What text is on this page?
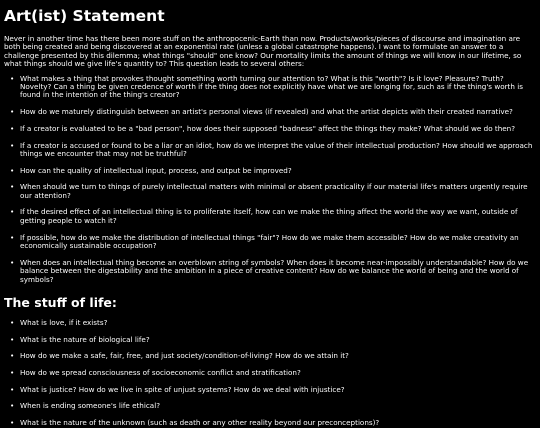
Art(ist) Statement

Never in another time has there been more stuff on the anthropocenic-Earth than now. Products/works/pieces of discourse and imagination are both being created and being discovered at an exponential rate (unless a global catastrophe happens). I want to formulate an answer to a challenge presented by this dilemma; what things "should" one know? Our mortality limits the amount of things we will know in our lifetime, so what things should we give life's quantity to? This question leads to several others:

• What makes a thing that provokes thought something worth turning our attention to? What is this "worth"? Is it love? Pleasure? Truth? Novelty? Can a thing be given credence of worth if the thing does not explicitly have what we are longing for, such as if the thing's worth is found in the intention of the thing's creator?
• How do we maturely distinguish between an artist's personal views (if revealed) and what the artist depicts with their created narrative?
• If a creator is evaluated to be a "bad person", how does their supposed "badness" affect the things they make? What should we do then?
• If a creator is accused or found to be a liar or an idiot, how do we interpret the value of their intellectual production? How should we approach things we encounter that may not be truthful?
• How can the quality of intellectual input, process, and output be improved?
• When should we turn to things of purely intellectual matters with minimal or absent practicality if our material life's matters urgently require our attention?
• If the desired effect of an intellectual thing is to proliferate itself, how can we make the thing affect the world the way we want, outside of getting people to watch it?
• If possible, how do we make the distribution of intellectual things "fair"? How do we make them accessible? How do we make creativity an economically sustainable occupation?
• When does an intellectual thing become an overblown string of symbols? When does it become near-impossibly understandable? How do we balance between the digestability and the ambition in a piece of creative content? How do we balance the world of being and the world of symbols?
The stuff of life:
• What is love, if it exists?
• What is the nature of biological life?
• How do we make a safe, fair, free, and just society/condition-of-living? How do we attain it?
• How do we spread consciousness of socioeconomic conflict and stratification?
• What is justice? How do we live in spite of unjust systems? How do we deal with injustice?
• When is ending someone's life ethical?
• What is the nature of the unknown (such as death or any other reality beyond our preconceptions)?
